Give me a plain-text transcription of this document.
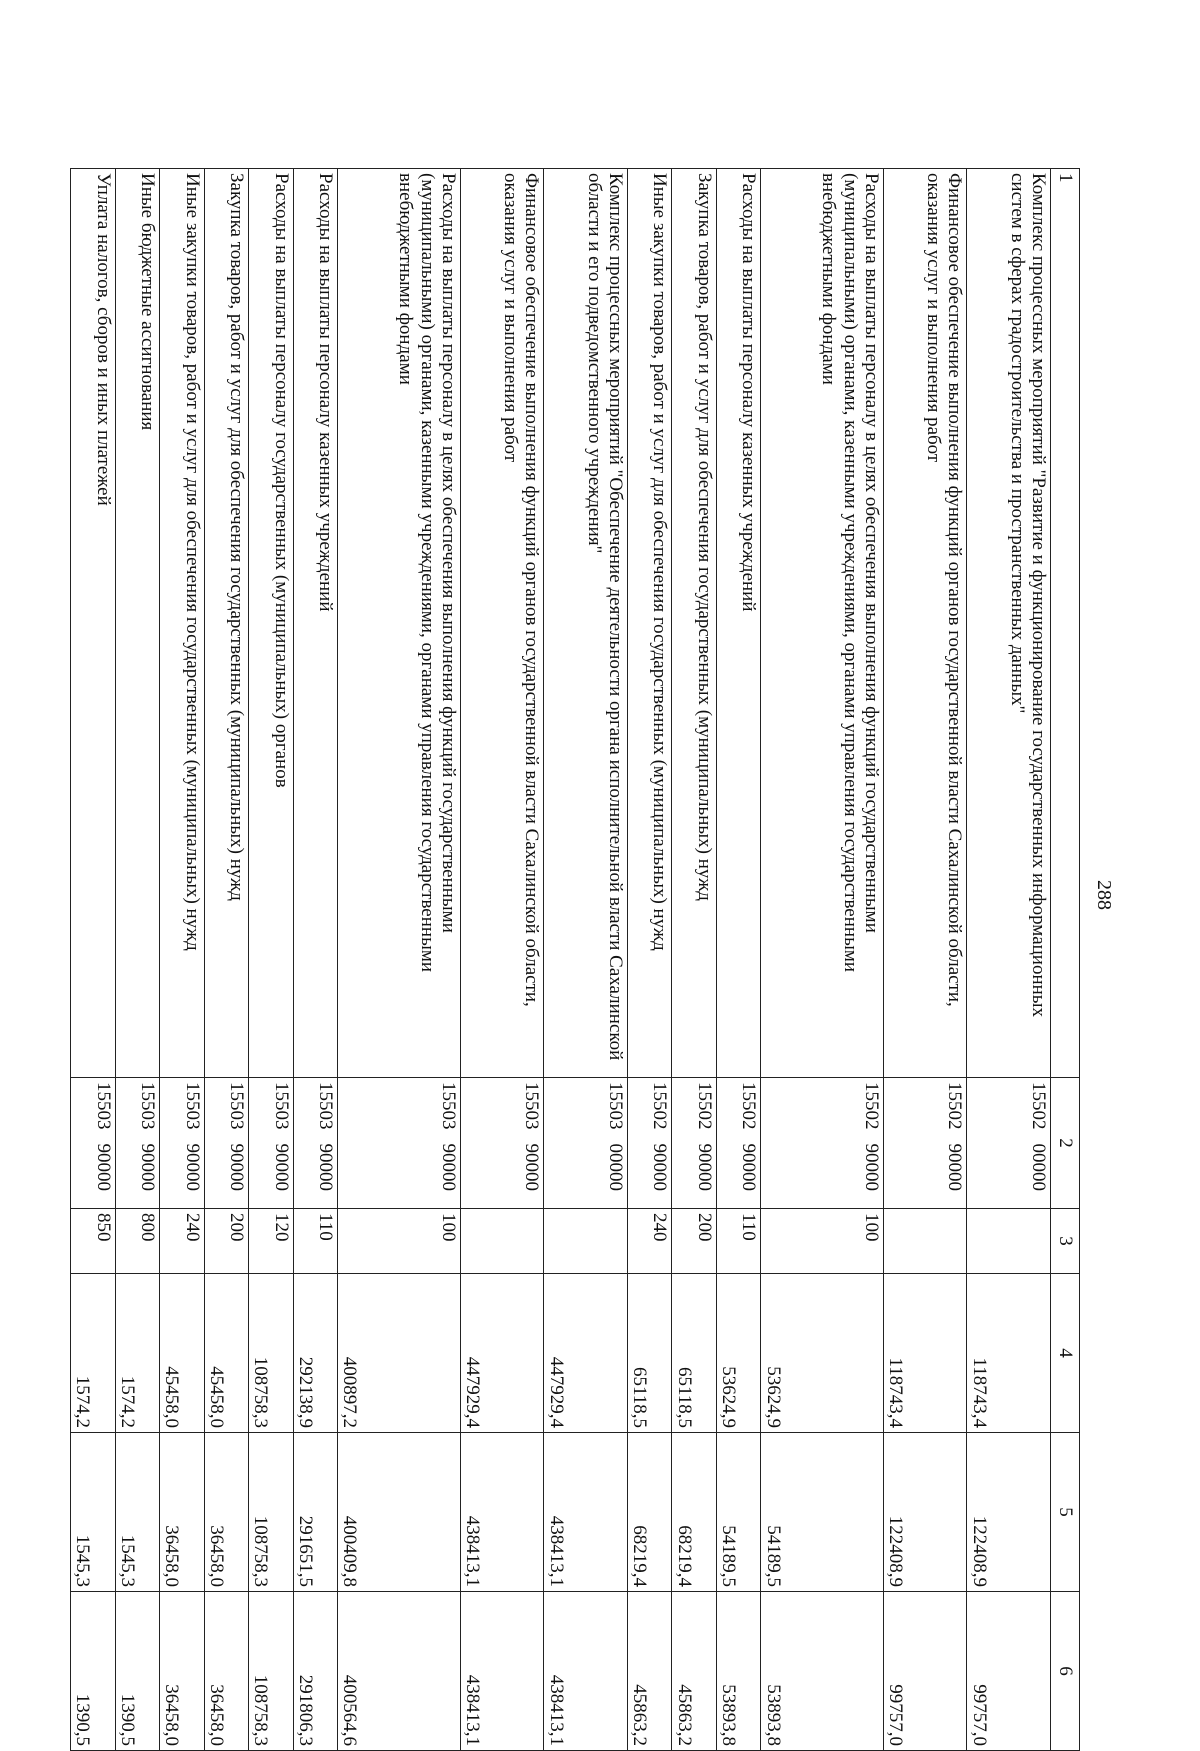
288
1	2	3	4	5	6
Комплекс процессных мероприятий "Развитие и функционирование государственных информационных систем в сферах градостроительства и пространственных данных"	1550200000		118743,4	122408,9	99757,0
Финансовое обеспечение выполнения функций органов государственной власти Сахалинской области, оказания услуг и выполнения работ	1550290000		118743,4	122408,9	99757,0
Расходы на выплаты персоналу в целях обеспечения выполнения функций государственными (муниципальными) органами, казенными учреждениями, органами управления государственными внебюджетными фондами	1550290000	100	53624,9	54189,5	53893,8
Расходы на выплаты персоналу казенных учреждений	1550290000	110	53624,9	54189,5	53893,8
Закупка товаров, работ и услуг для обеспечения государственных (муниципальных) нужд	1550290000	200	65118,5	68219,4	45863,2
Иные закупки товаров, работ и услуг для обеспечения государственных (муниципальных) нужд	1550290000	240	65118,5	68219,4	45863,2
Комплекс процессных мероприятий "Обеспечение деятельности органа исполнительной власти Сахалинской области и его подведомственного учреждения"	1550300000		447929,4	438413,1	438413,1
Финансовое обеспечение выполнения функций органов государственной власти Сахалинской области, оказания услуг и выполнения работ	1550390000		447929,4	438413,1	438413,1
Расходы на выплаты персоналу в целях обеспечения выполнения функций государственными (муниципальными) органами, казенными учреждениями, органами управления государственными внебюджетными фондами	1550390000	100	400897,2	400409,8	400564,6
Расходы на выплаты персоналу казенных учреждений	1550390000	110	292138,9	291651,5	291806,3
Расходы на выплаты персоналу государственных (муниципальных) органов	1550390000	120	108758,3	108758,3	108758,3
Закупка товаров, работ и услуг для обеспечения государственных (муниципальных) нужд	1550390000	200	45458,0	36458,0	36458,0
Иные закупки товаров, работ и услуг для обеспечения государственных (муниципальных) нужд	1550390000	240	45458,0	36458,0	36458,0
Иные бюджетные ассигнования	1550390000	800	1574,2	1545,3	1390,5
Уплата налогов, сборов и иных платежей	1550390000	850	1574,2	1545,3	1390,5
